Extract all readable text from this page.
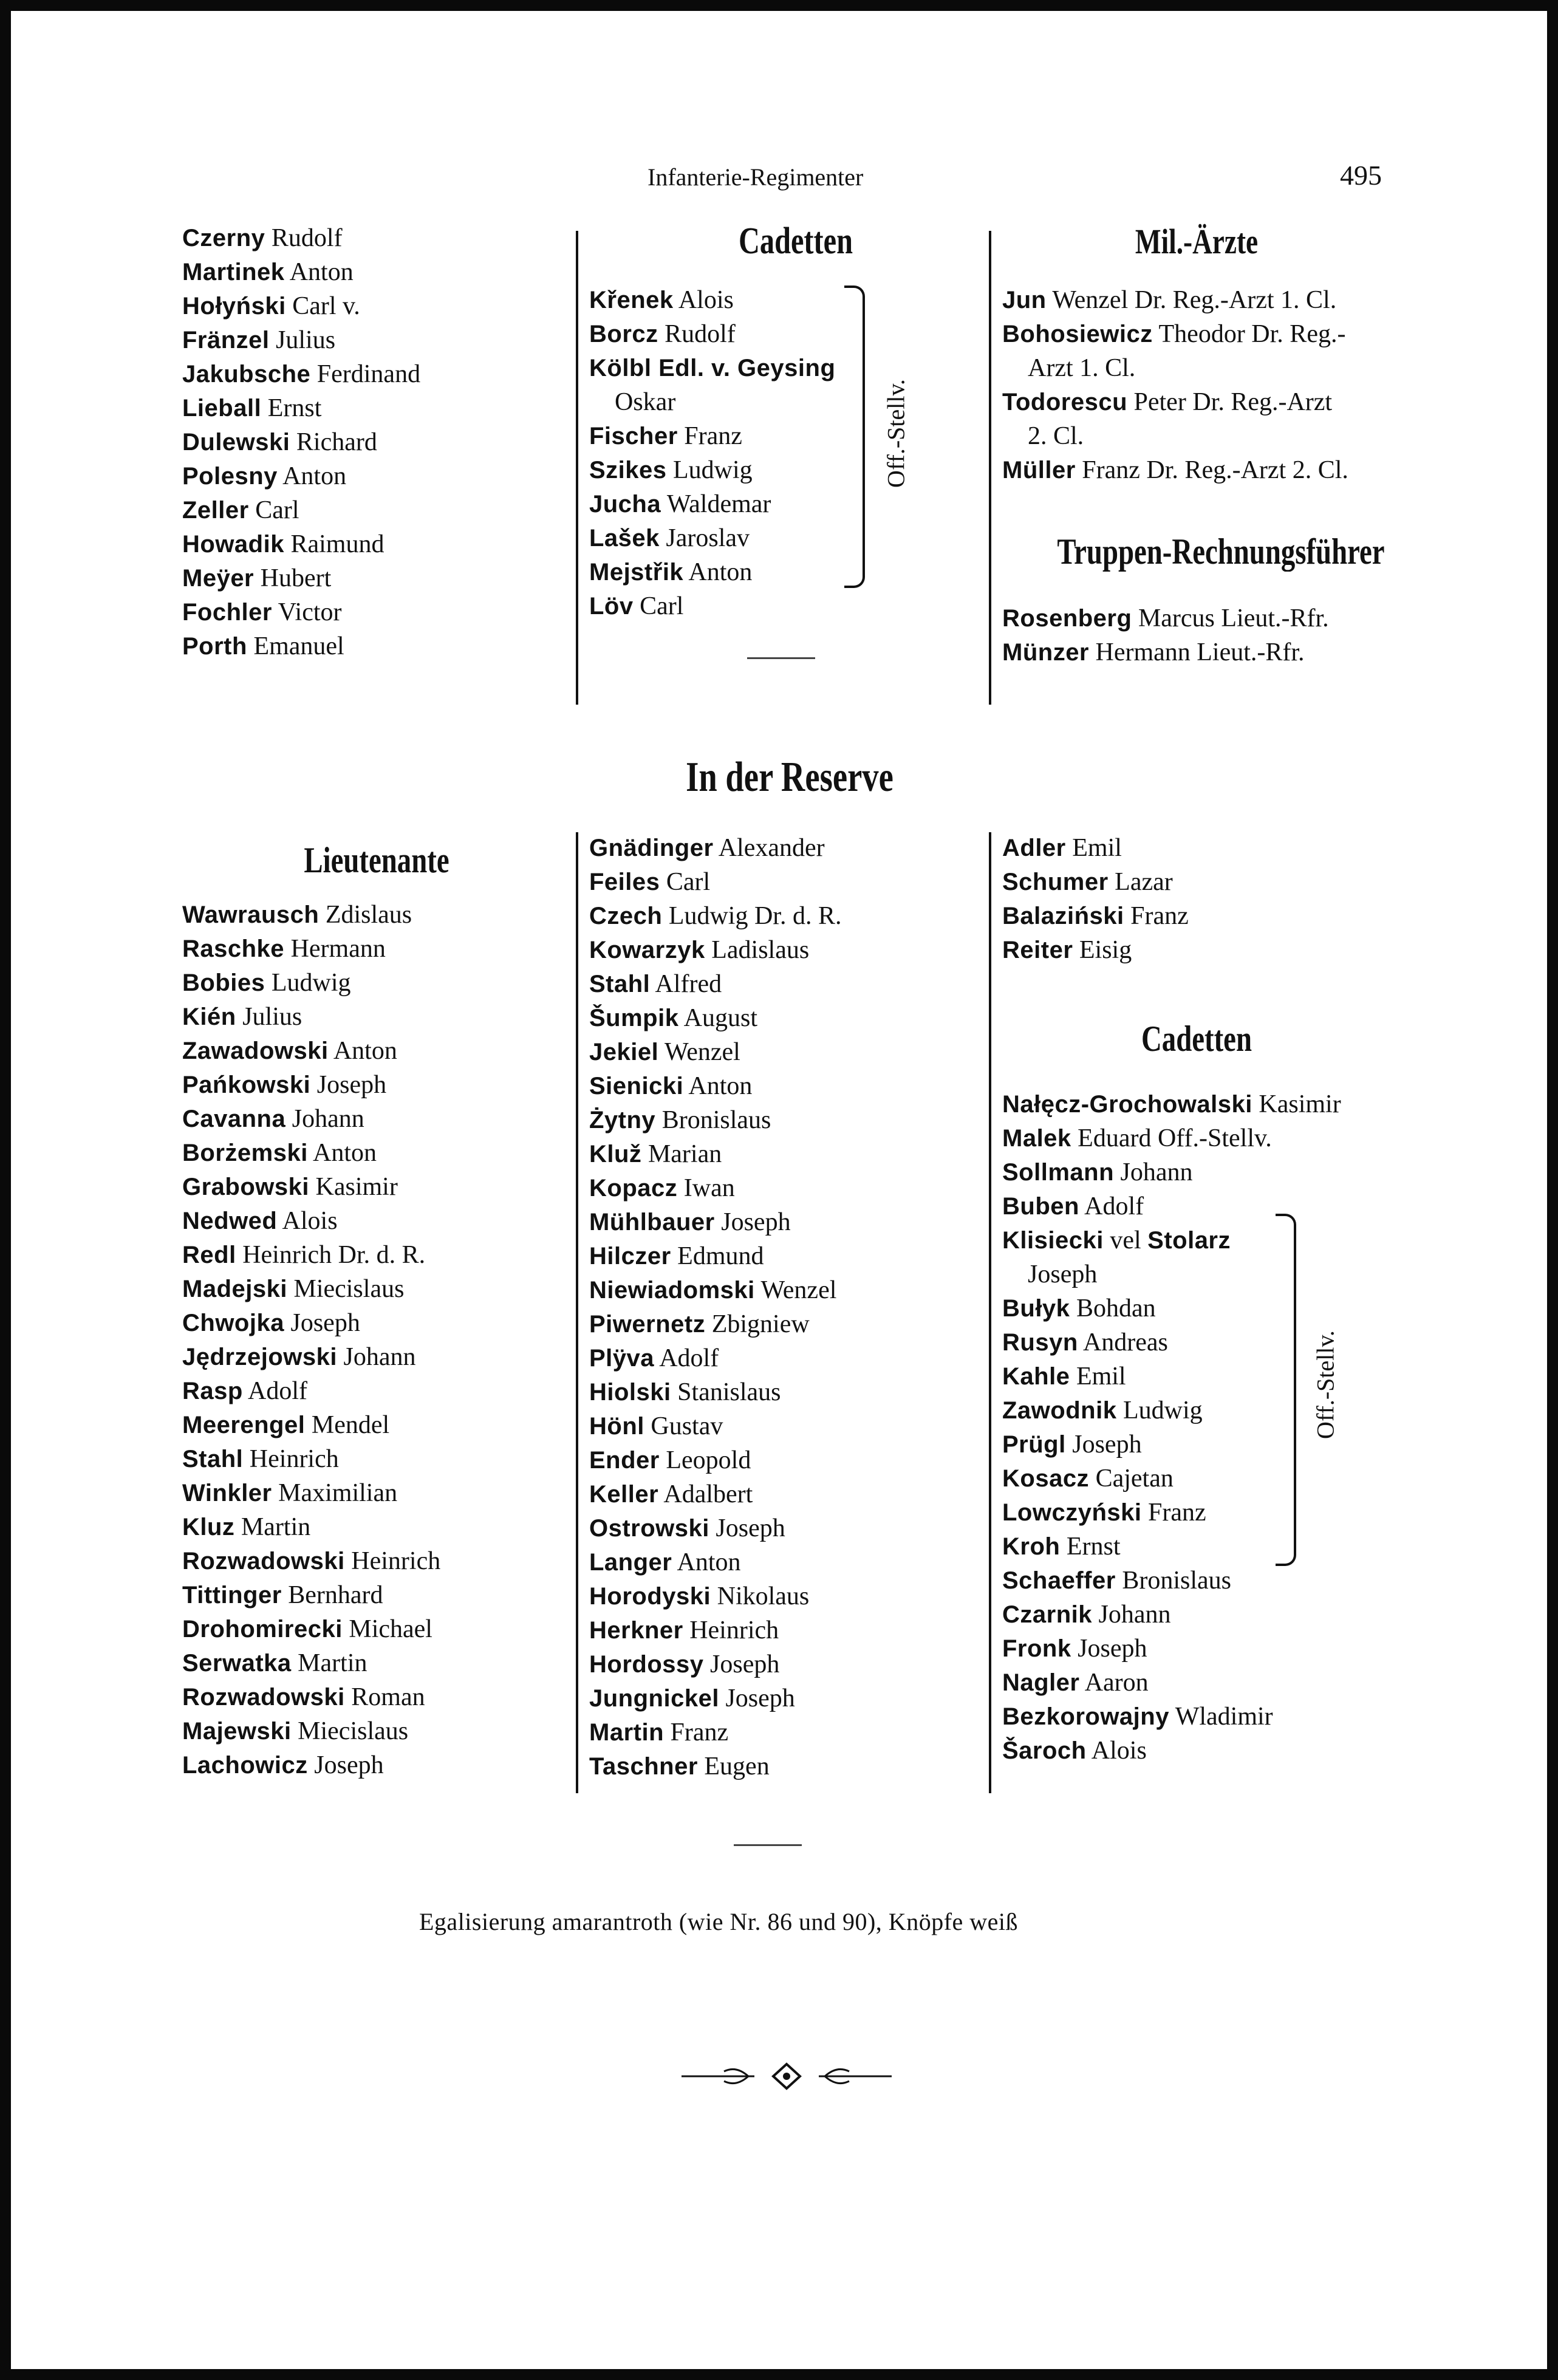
Infanterie-Regimenter	495
Czerny Rudolf
Martinek Anton
Hołyński Carl v.
Fränzel Julius
Jakubsche Ferdinand
Lieball Ernst
Dulewski Richard
Polesny Anton
Zeller Carl
Howadik Raimund
Meÿer Hubert
Fochler Victor
Porth Emanuel
Cadetten
Křenek Alois
Borcz Rudolf
Kölbl Edl. v. Geysing
Oskar
Fischer Franz
Szikes Ludwig
Jucha Waldemar
Lašek Jaroslav
Mejstřik Anton
Löv Carl
Off.-Stellv.
Mil.-Ärzte
Jun Wenzel Dr. Reg.-Arzt 1. Cl.
Bohosiewicz Theodor Dr. Reg.-
Arzt 1. Cl.
Todorescu Peter Dr. Reg.-Arzt
2. Cl.
Müller Franz Dr. Reg.-Arzt 2. Cl.
Truppen-Rechnungsführer
Rosenberg Marcus Lieut.-Rfr.
Münzer Hermann Lieut.-Rfr.
In der Reserve
Lieutenante
Wawrausch Zdislaus
Raschke Hermann
Bobies Ludwig
Kién Julius
Zawadowski Anton
Pańkowski Joseph
Cavanna Johann
Borżemski Anton
Grabowski Kasimir
Nedwed Alois
Redl Heinrich Dr. d. R.
Madejski Miecislaus
Chwojka Joseph
Jędrzejowski Johann
Rasp Adolf
Meerengel Mendel
Stahl Heinrich
Winkler Maximilian
Kluz Martin
Rozwadowski Heinrich
Tittinger Bernhard
Drohomirecki Michael
Serwatka Martin
Rozwadowski Roman
Majewski Miecislaus
Lachowicz Joseph
Gnädinger Alexander
Feiles Carl
Czech Ludwig Dr. d. R.
Kowarzyk Ladislaus
Stahl Alfred
Šumpik August
Jekiel Wenzel
Sienicki Anton
Żytny Bronislaus
Kluž Marian
Kopacz Iwan
Mühlbauer Joseph
Hilczer Edmund
Niewiadomski Wenzel
Piwernetz Zbigniew
Plÿva Adolf
Hiolski Stanislaus
Hönl Gustav
Ender Leopold
Keller Adalbert
Ostrowski Joseph
Langer Anton
Horodyski Nikolaus
Herkner Heinrich
Hordossy Joseph
Jungnickel Joseph
Martin Franz
Taschner Eugen
Adler Emil
Schumer Lazar
Balaziński Franz
Reiter Eisig
Cadetten
Nałęcz-Grochowalski Kasimir
Malek Eduard Off.-Stellv.
Sollmann Johann
Buben Adolf
Klisiecki vel Stolarz
Joseph
Bułyk Bohdan
Rusyn Andreas
Kahle Emil
Zawodnik Ludwig
Prügl Joseph
Kosacz Cajetan
Lowczyński Franz
Kroh Ernst
Schaeffer Bronislaus
Czarnik Johann
Fronk Joseph
Nagler Aaron
Bezkorowajny Wladimir
Šaroch Alois
Off.-Stellv.
Egalisierung amarantroth (wie Nr. 86 und 90), Knöpfe weiß
